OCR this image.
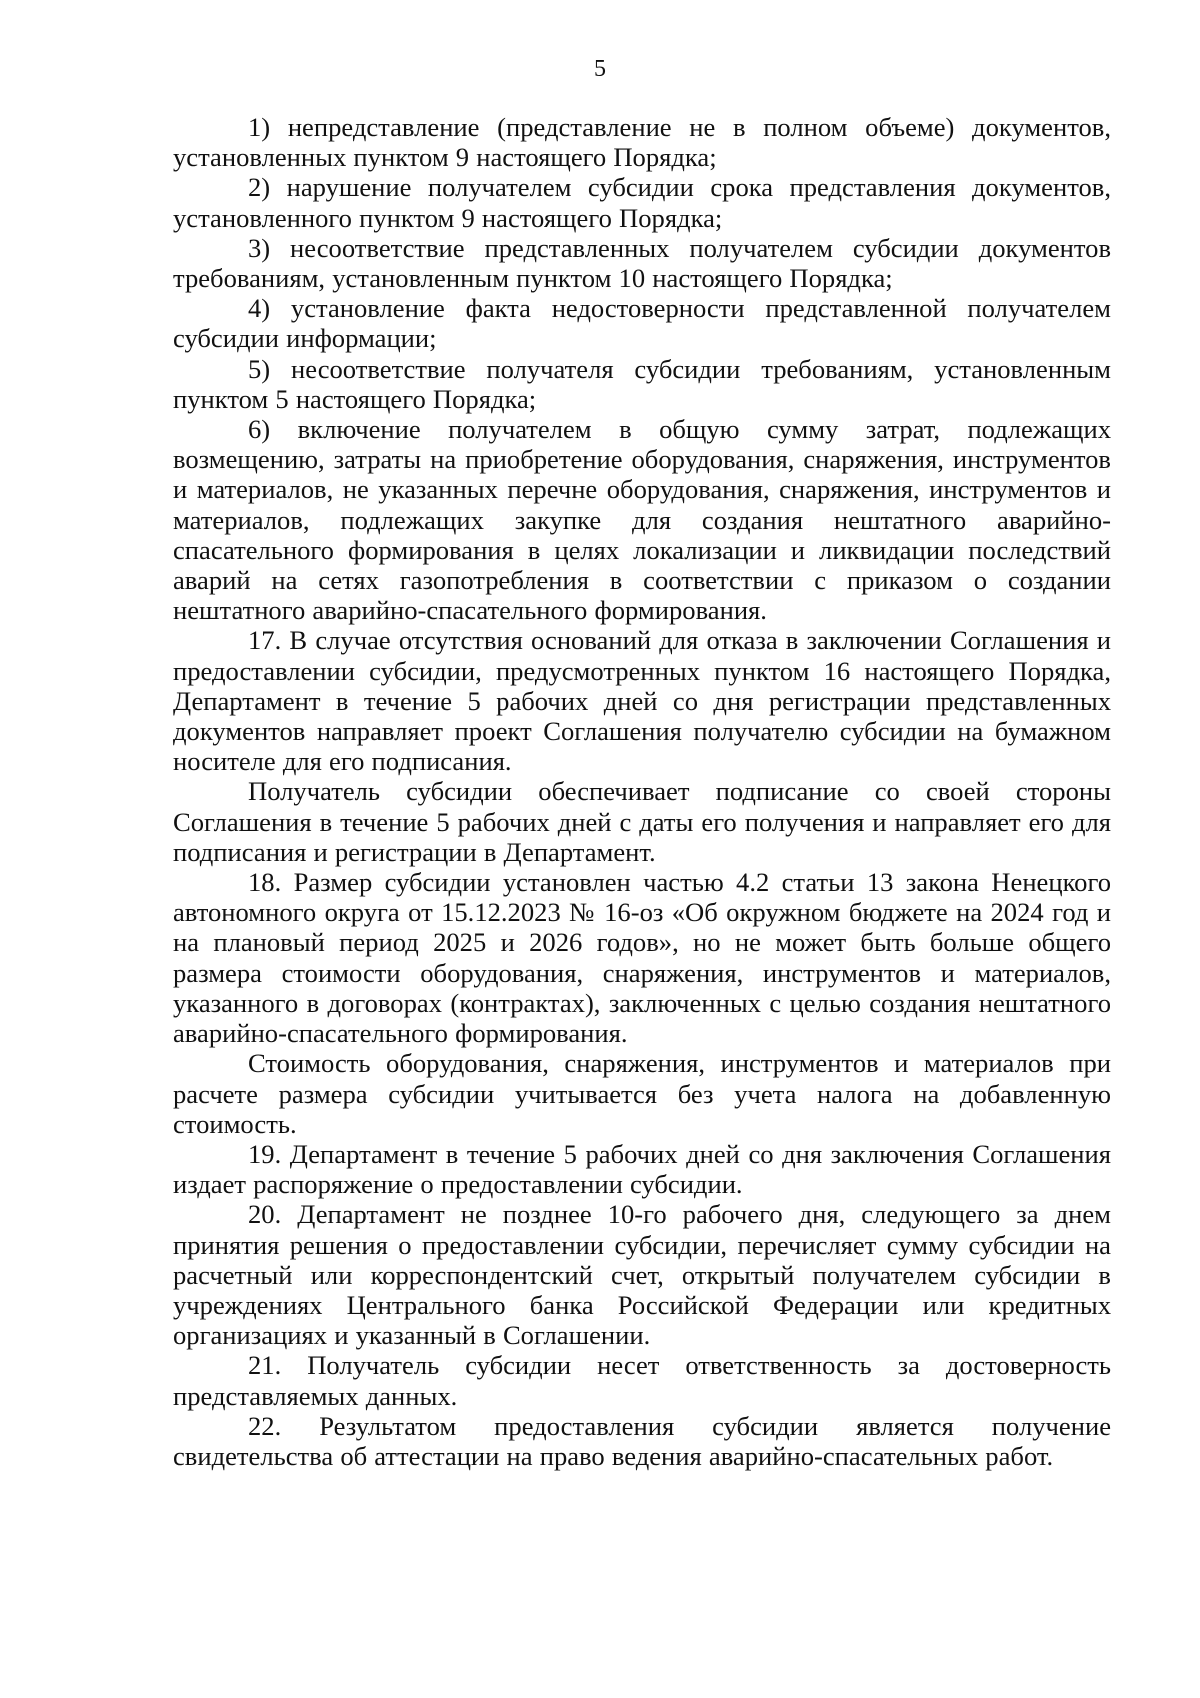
5

1) непредставление (представление не в полном объеме) документов, установленных пунктом 9 настоящего Порядка;

2) нарушение получателем субсидии срока представления документов, установленного пунктом 9 настоящего Порядка;

3) несоответствие представленных получателем субсидии документов требованиям, установленным пунктом 10 настоящего Порядка;

4) установление факта недостоверности представленной получателем субсидии информации;

5) несоответствие получателя субсидии требованиям, установленным пунктом 5 настоящего Порядка;

6) включение получателем в общую сумму затрат, подлежащих возмещению, затраты на приобретение оборудования, снаряжения, инструментов и материалов, не указанных перечне оборудования, снаряжения, инструментов и материалов, подлежащих закупке для создания нештатного аварийно-спасательного формирования в целях локализации и ликвидации последствий аварий на сетях газопотребления в соответствии с приказом о создании нештатного аварийно-спасательного формирования.

17. В случае отсутствия оснований для отказа в заключении Соглашения и предоставлении субсидии, предусмотренных пунктом 16 настоящего Порядка, Департамент в течение 5 рабочих дней со дня регистрации представленных документов направляет проект Соглашения получателю субсидии на бумажном носителе для его подписания.

Получатель субсидии обеспечивает подписание со своей стороны Соглашения в течение 5 рабочих дней с даты его получения и направляет его для подписания и регистрации в Департамент.

18. Размер субсидии установлен частью 4.2 статьи 13 закона Ненецкого автономного округа от 15.12.2023 № 16-оз «Об окружном бюджете на 2024 год и на плановый период 2025 и 2026 годов», но не может быть больше общего размера стоимости оборудования, снаряжения, инструментов и материалов, указанного в договорах (контрактах), заключенных с целью создания нештатного аварийно-спасательного формирования.

Стоимость оборудования, снаряжения, инструментов и материалов при расчете размера субсидии учитывается без учета налога на добавленную стоимость.

19. Департамент в течение 5 рабочих дней со дня заключения Соглашения издает распоряжение о предоставлении субсидии.

20. Департамент не позднее 10-го рабочего дня, следующего за днем принятия решения о предоставлении субсидии, перечисляет сумму субсидии на расчетный или корреспондентский счет, открытый получателем субсидии в учреждениях Центрального банка Российской Федерации или кредитных организациях и указанный в Соглашении.

21. Получатель субсидии несет ответственность за достоверность представляемых данных.

22. Результатом предоставления субсидии является получение свидетельства об аттестации на право ведения аварийно-спасательных работ.
